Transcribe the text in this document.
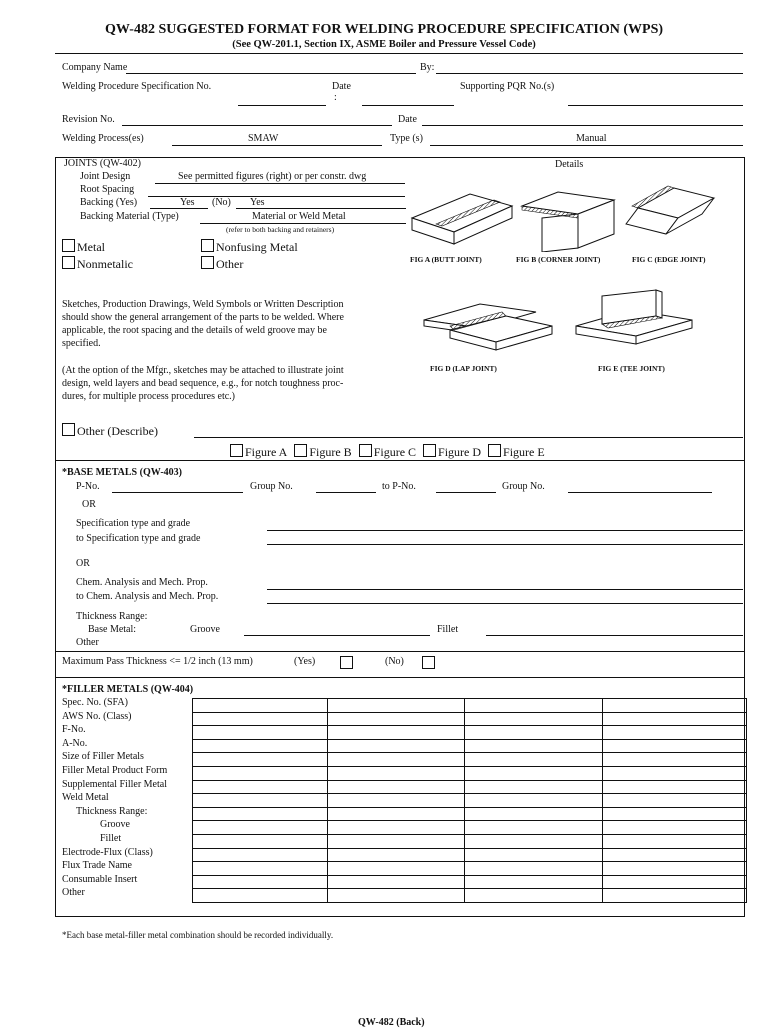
QW-482 SUGGESTED FORMAT FOR WELDING PROCEDURE SPECIFICATION (WPS)
(See QW-201.1, Section IX, ASME Boiler and Pressure Vessel Code)
Company Name	By:
Welding Procedure Specification No.	Date
:
Supporting PQR No.(s)
Revision No.	Date
Welding Process(es)	SMAW	Type (s)	Manual
JOINTS (QW-402)	Details
Joint Design	See permitted figures (right) or per constr. dwg
Root Spacing
Backing (Yes)	Yes (No) Yes
Backing Material (Type)	Material or Weld Metal
(refer to both backing and retainers)
Metal	Nonfusing Metal
Nonmetalic	Other
Sketches, Production Drawings, Weld Symbols or Written Description
should show the general arrangement of the parts to be welded. Where
applicable, the root spacing and the details of weld groove may be
specified.
(At the option of the Mfgr., sketches may be attached to illustrate joint
design, weld layers and bead sequence, e.g., for notch toughness proc-
dures, for multiple process procedures etc.)
Other (Describe)
Figure A Figure B Figure C Figure D Figure E
FIG A (BUTT JOINT)	FIG B (CORNER JOINT)	FIG C (EDGE JOINT)
FIG D (LAP JOINT)	FIG E (TEE JOINT)
*BASE METALS (QW-403)
P-No.	Group No.	to P-No.	Group No.
OR
Specification type and grade
to Specification type and grade
OR
Chem. Analysis and Mech. Prop.
to Chem. Analysis and Mech. Prop.
Thickness Range:
Base Metal:	Groove	Fillet
Other
Maximum Pass Thickness <= 1/2 inch (13 mm)	(Yes)	(No)
*FILLER METALS (QW-404)
Spec. No. (SFA)
AWS No. (Class)
F-No.
A-No.
Size of Filler Metals
Filler Metal Product Form
Supplemental Filler Metal
Weld Metal
Thickness Range:
Groove
Fillet
Electrode-Flux (Class)
Flux Trade Name
Consumable Insert
Other

*Each base metal-filler metal combination should be recorded individually.
QW-482 (Back)
